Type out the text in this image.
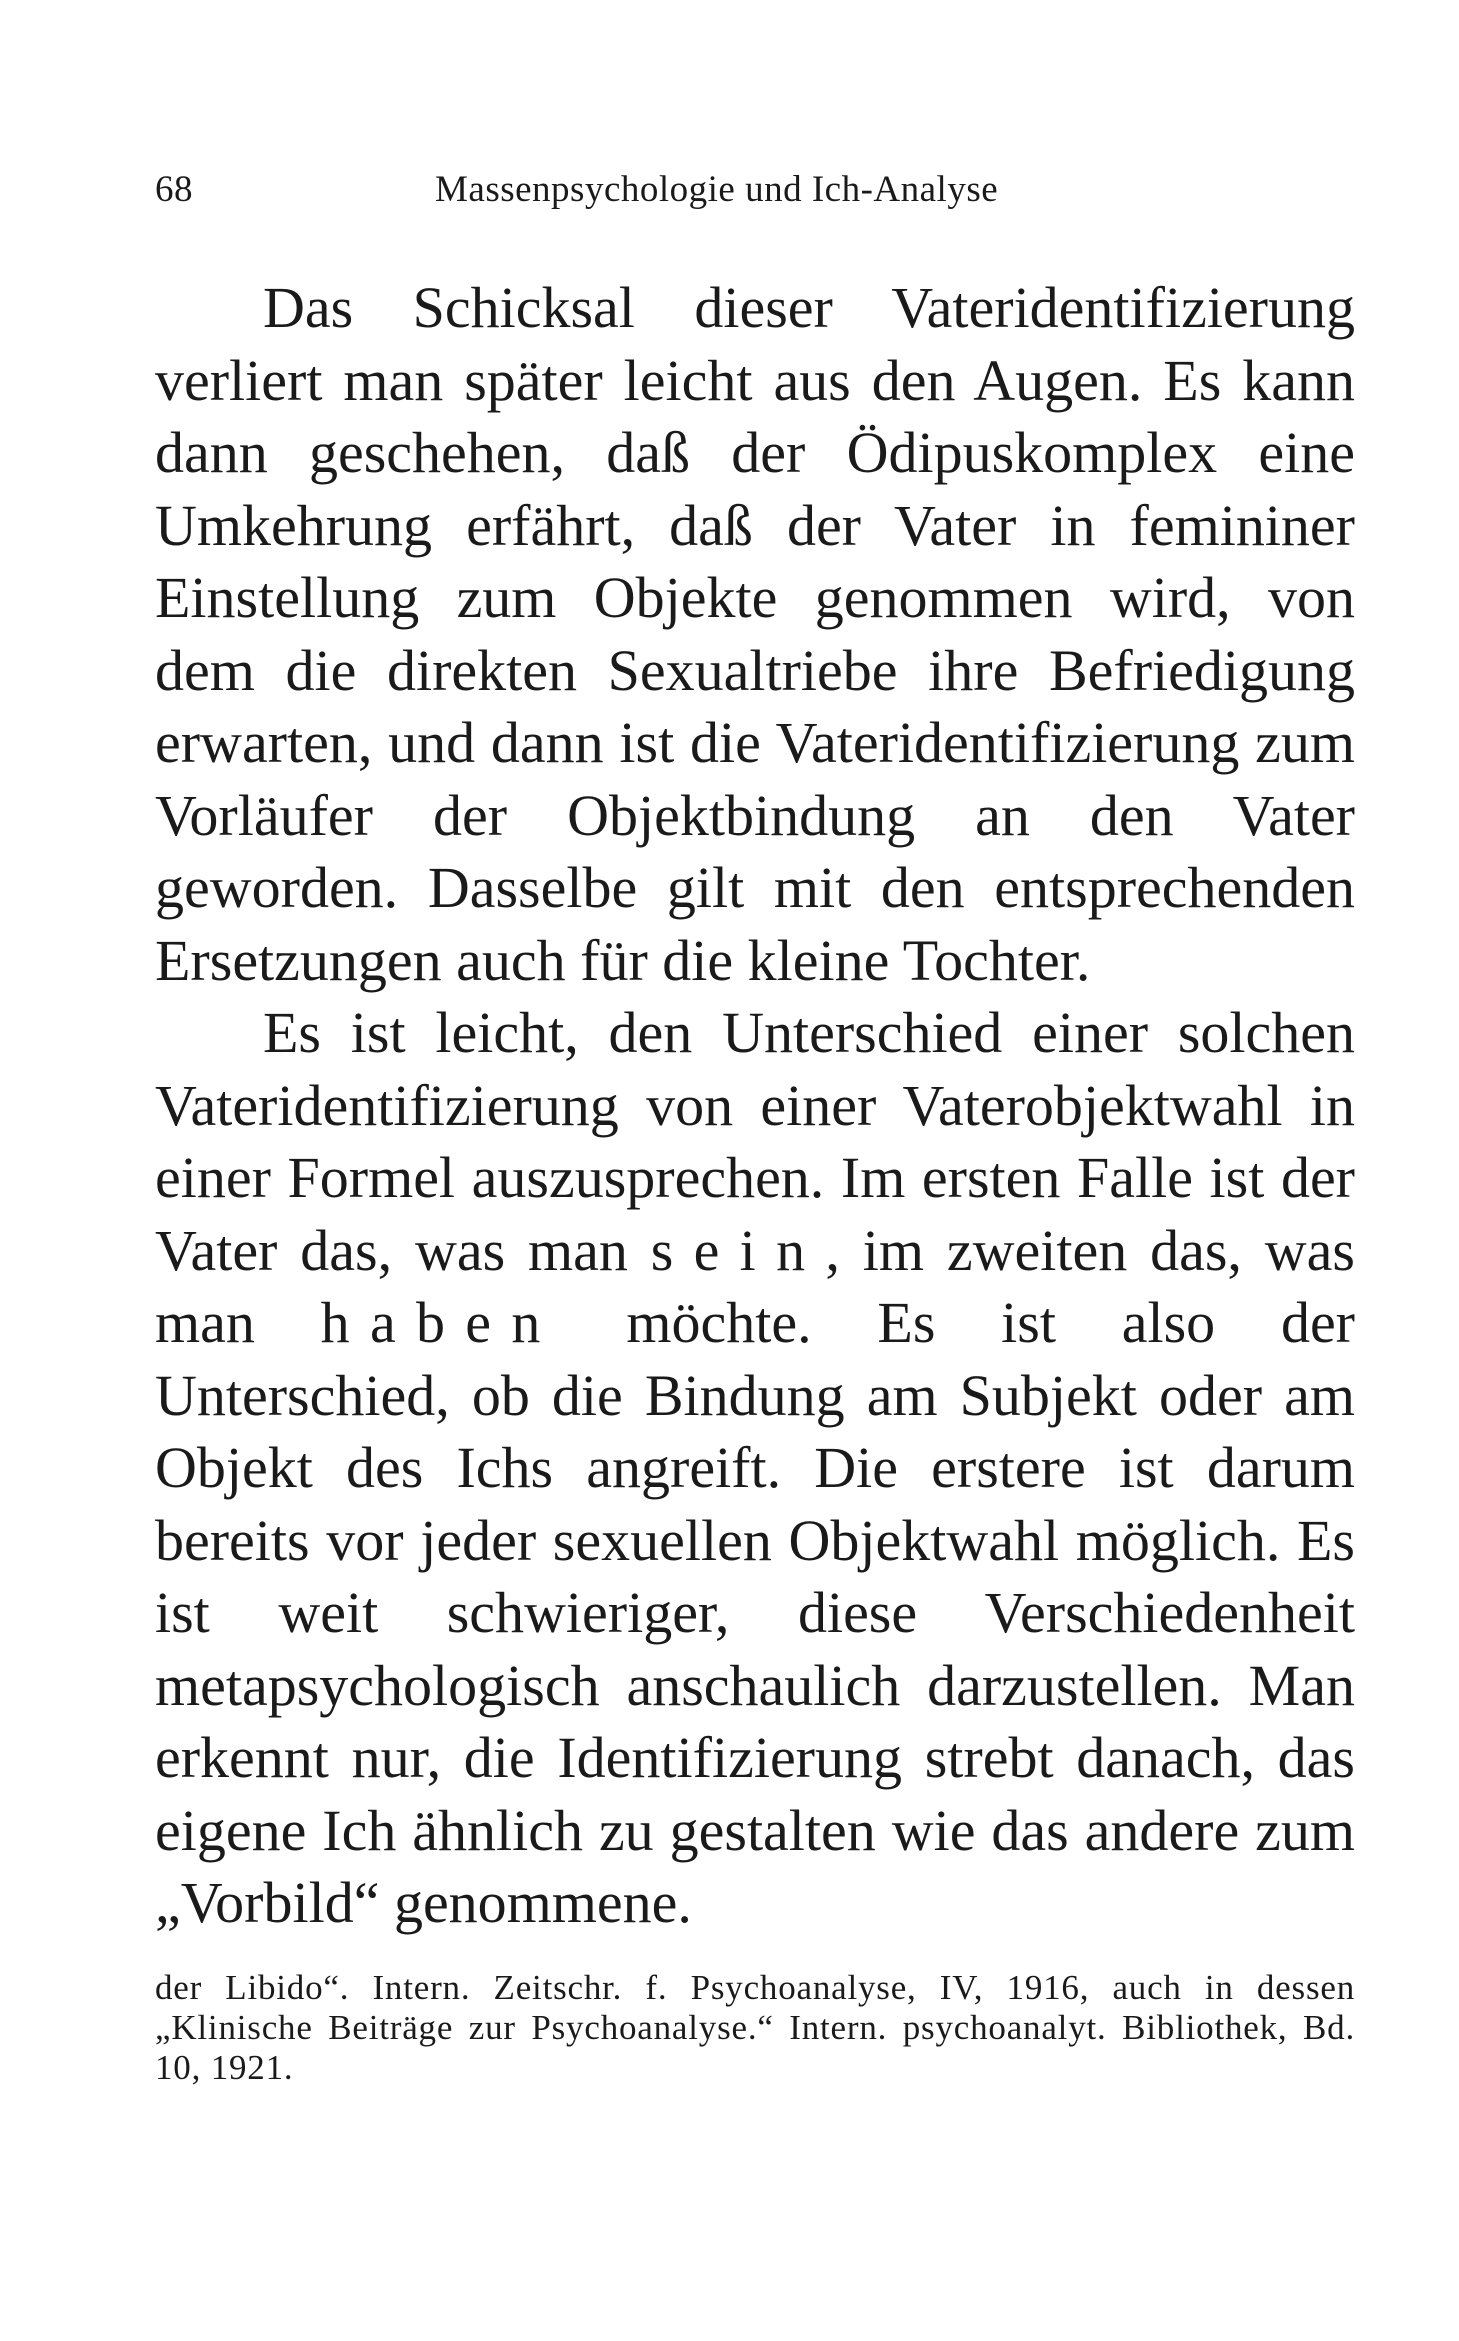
68	Massenpsychologie und Ich-Analyse

Das Schicksal dieser Vateridentifizierung verliert man später leicht aus den Augen. Es kann dann geschehen, daß der Ödipuskomplex eine Umkehrung erfährt, daß der Vater in femininer Einstellung zum Objekte genommen wird, von dem die direkten Sexualtriebe ihre Befriedigung erwarten, und dann ist die Vateridentifizierung zum Vorläufer der Objektbindung an den Vater geworden. Dasselbe gilt mit den entsprechenden Ersetzungen auch für die kleine Tochter.

Es ist leicht, den Unterschied einer solchen Vateridentifizierung von einer Vaterobjektwahl in einer Formel auszusprechen. Im ersten Falle ist der Vater das, was man sein, im zweiten das, was man haben möchte. Es ist also der Unterschied, ob die Bindung am Subjekt oder am Objekt des Ichs angreift. Die erstere ist darum bereits vor jeder sexuellen Objektwahl möglich. Es ist weit schwieriger, diese Verschiedenheit metapsychologisch anschaulich darzustellen. Man erkennt nur, die Identifizierung strebt danach, das eigene Ich ähnlich zu gestalten wie das andere zum „Vorbild“ genommene.

der Libido“. Intern. Zeitschr. f. Psychoanalyse, IV, 1916, auch in dessen „Klinische Beiträge zur Psychoanalyse.“ Intern. psychoanalyt. Bibliothek, Bd. 10, 1921.
